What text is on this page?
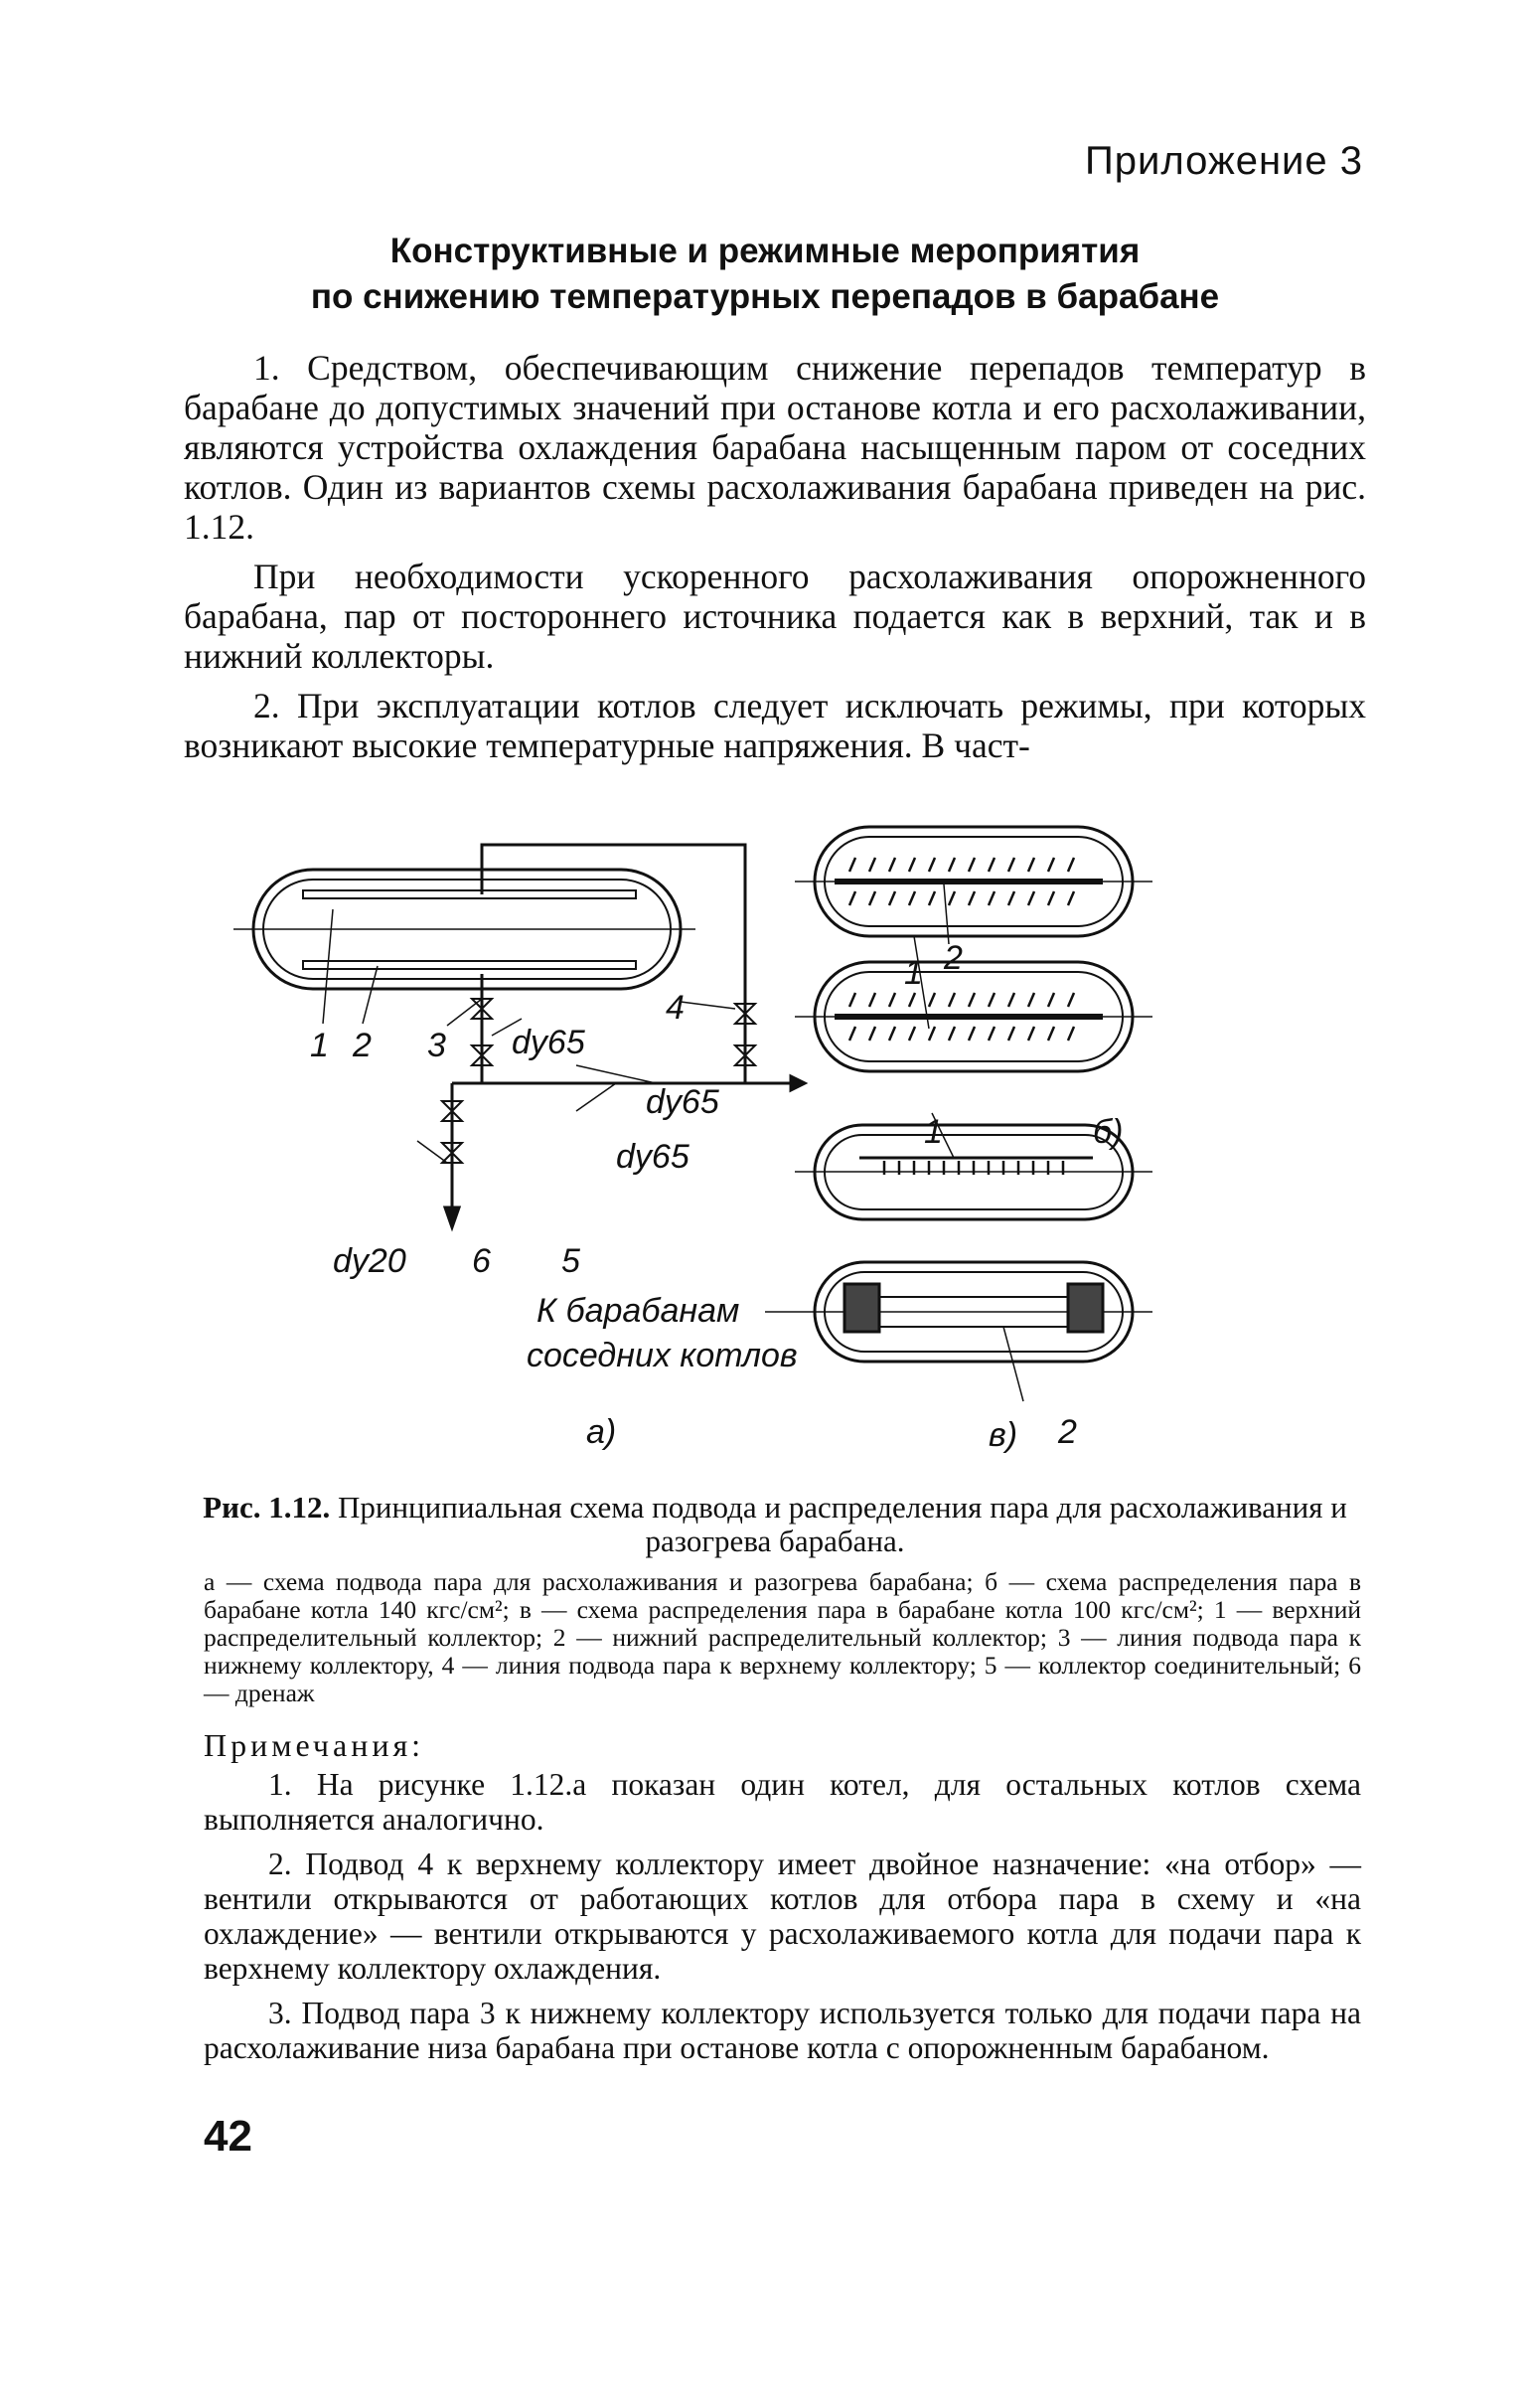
Приложение 3
Конструктивные и режимные мероприятия
по снижению температурных перепадов в барабане

1. Средством, обеспечивающим снижение перепадов температур в барабане до допустимых значений при останове котла и его расхолаживании, являются устройства охлаждения барабана насыщенным паром от соседних котлов. Один из вариантов схемы расхолаживания барабана приведен на рис. 1.12.

При необходимости ускоренного расхолаживания опорожненного барабана, пар от постороннего источника подается как в верхний, так и в нижний коллекторы.

2. При эксплуатации котлов следует исключать режимы, при которых возникают высокие температурные напряжения. В част-

1 2 3
4
5
6
dу65
dу65
dу65
dу20
К барабанам
соседних котлов
а)
б)
в)
1 2
1
2
Рис. 1.12. Принципиальная схема подвода и распределения пара для расхолаживания и разогрева барабана.
а — схема подвода пара для расхолаживания и разогрева барабана; б — схема распределения пара в барабане котла 140 кгс/см²; в — схема распределения пара в барабане котла 100 кгс/см²; 1 — верхний распределительный коллектор; 2 — нижний распределительный коллектор; 3 — линия подвода пара к нижнему коллектору, 4 — линия подвода пара к верхнему коллектору; 5 — коллектор соединительный; 6 — дренаж
Примечания:

1. На рисунке 1.12.а показан один котел, для остальных котлов схема выполняется аналогично.

2. Подвод 4 к верхнему коллектору имеет двойное назначение: «на отбор» — вентили открываются от работающих котлов для отбора пара в схему и «на охлаждение» — вентили открываются у расхолаживаемого котла для подачи пара к верхнему коллектору охлаждения.

3. Подвод пара 3 к нижнему коллектору используется только для подачи пара на расхолаживание низа барабана при останове котла с опорожненным барабаном.

42
